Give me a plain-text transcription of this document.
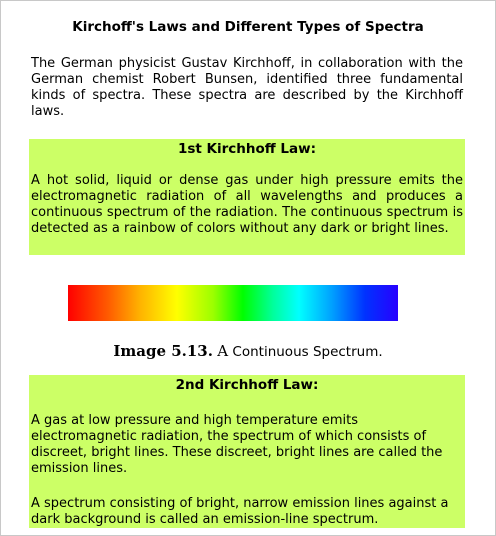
Kirchoff's Laws and Different Types of Spectra
The German physicist Gustav Kirchhoff, in collaboration with the German chemist Robert Bunsen, identified three fundamental kinds of spectra. These spectra are described by the Kirchhoff laws.
1st Kirchhoff Law:
A hot solid, liquid or dense gas under high pressure emits the electromagnetic radiation of all wavelengths and produces a continuous spectrum of the radiation. The continuous spectrum is detected as a rainbow of colors without any dark or bright lines.
Image 5.13. A Continuous Spectrum.
2nd Kirchhoff Law:
A gas at low pressure and high temperature emits electromagnetic radiation, the spectrum of which consists of discreet, bright lines. These discreet, bright lines are called the emission lines.
A spectrum consisting of bright, narrow emission lines against a dark background is called an emission-line spectrum.
